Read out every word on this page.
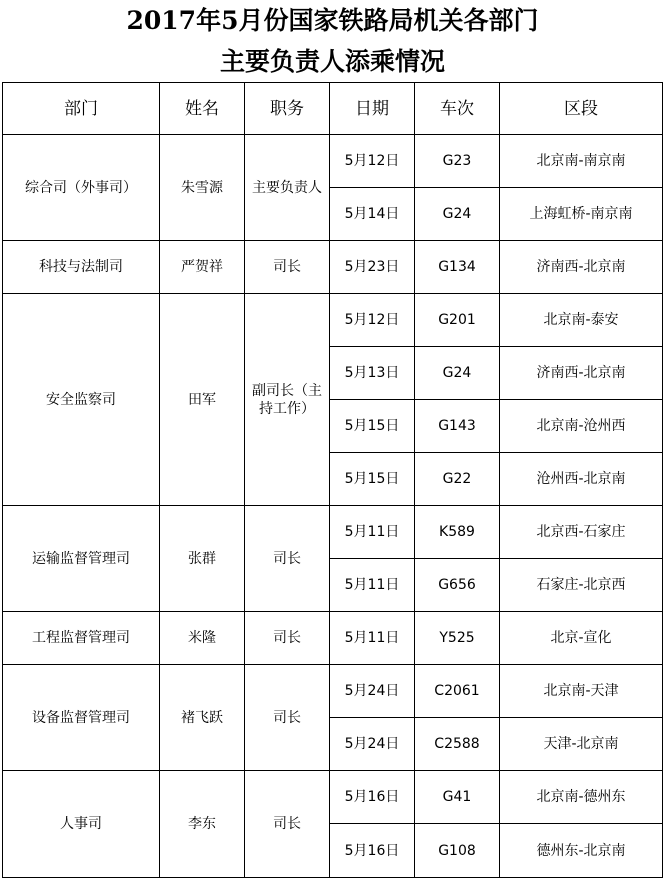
2017年5月份国家铁路局机关各部门
主要负责人添乘情况
部门	姓名	职务	日期	车次	区段
综合司（外事司）	朱雪源	主要负责人	5月12日	G23	北京南-南京南
			5月14日	G24	上海虹桥-南京南
科技与法制司	严贺祥	司长	5月23日	G134	济南西-北京南
安全监察司	田军	副司长（主持工作）	5月12日	G201	北京南-泰安
			5月13日	G24	济南西-北京南
			5月15日	G143	北京南-沧州西
			5月15日	G22	沧州西-北京南
运输监督管理司	张群	司长	5月11日	K589	北京西-石家庄
			5月11日	G656	石家庄-北京西
工程监督管理司	米隆	司长	5月11日	Y525	北京-宣化
设备监督管理司	褚飞跃	司长	5月24日	C2061	北京南-天津
			5月24日	C2588	天津-北京南
人事司	李东	司长	5月16日	G41	北京南-德州东
			5月16日	G108	德州东-北京南
